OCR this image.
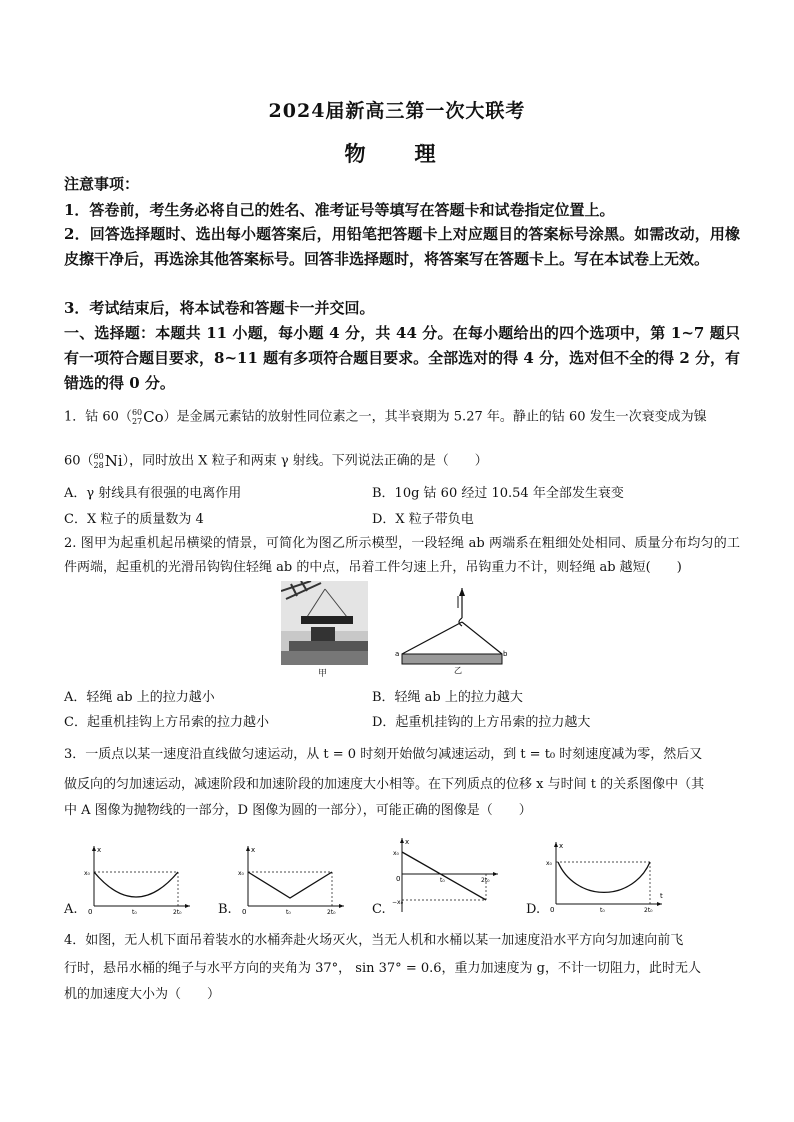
2024届新高三第一次大联考
物　理
注意事项：
1．答卷前，考生务必将自己的姓名、准考证号等填写在答题卡和试卷指定位置上。
2．回答选择题时、选出每小题答案后，用铅笔把答题卡上对应题目的答案标号涂黑。如需改动，用橡皮擦干净后，再选涂其他答案标号。回答非选择题时，将答案写在答题卡上。写在本试卷上无效。
3．考试结束后，将本试卷和答题卡一并交回。
一、选择题：本题共 11 小题，每小题 4 分，共 44 分。在每小题给出的四个选项中，第 1~7 题只有一项符合题目要求，8~11 题有多项符合题目要求。全部选对的得 4 分，选对但不全的得 2 分，有错选的得 0 分。
1．钴 60（ 60
27 Co）是金属元素钴的放射性同位素之一，其半衰期为 5.27 年。静止的钴 60 发生一次衰变成为镍
60（ 60
28 Ni），同时放出 X 粒子和两束 γ 射线。下列说法正确的是（　　）
A．γ 射线具有很强的电离作用	B．10g 钴 60 经过 10.54 年全部发生衰变
C．X 粒子的质量数为 4	D．X 粒子带负电
2. 图甲为起重机起吊横梁的情景，可简化为图乙所示模型，一段轻绳 ab 两端系在粗细处处相同、质量分布均匀的工件两端，起重机的光滑吊钩钩住轻绳 ab 的中点，吊着工件匀速上升，吊钩重力不计，则轻绳 ab 越短(　　)
甲
a	b
乙
A．轻绳 ab 上的拉力越小	B．轻绳 ab 上的拉力越大
C．起重机挂钩上方吊索的拉力越小	D．起重机挂钩的上方吊索的拉力越大
3．一质点以某一速度沿直线做匀速运动，从 t = 0 时刻开始做匀减速运动，到 t = t₀ 时刻速度减为零，然后又
做反向的匀加速运动，减速阶段和加速阶段的加速度大小相等。在下列质点的位移 x 与时间 t 的关系图像中（其
中 A 图像为抛物线的一部分，D 图像为圆的一部分），可能正确的图像是（　　）
A.
x
x₀
0	t₀	2t₀	B.
x
x₀
0	t₀	2t₀	C.
x
x₀
−x₀
0	t₀	2t₀
D.
x
x₀
0	t₀	2t₀
t
4．如图，无人机下面吊着装水的水桶奔赴火场灭火，当无人机和水桶以某一加速度沿水平方向匀加速向前飞
行时，悬吊水桶的绳子与水平方向的夹角为 37°， sin 37° = 0.6，重力加速度为 g，不计一切阻力，此时无人
机的加速度大小为（　　）
